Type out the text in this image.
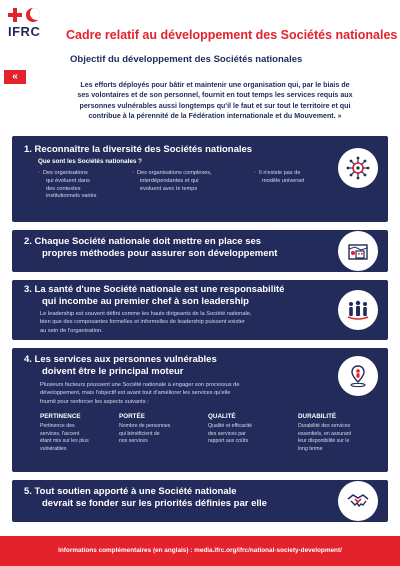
IFRC	Cadre relatif au développement des Sociétés nationales
Objectif du développement des Sociétés nationales
«
Les efforts déployés pour bâtir et maintenir une organisation qui, par le biais de
ses volontaires et de son personnel, fournit en tout temps les services requis aux
personnes vulnérables aussi longtemps qu'il le faut et sur tout le territoire et qui
contribue à la pérennité de la Fédération internationale et du Mouvement. »
1. Reconnaître la diversité des Sociétés nationales
Que sont les Sociétés nationales ?
• Des organisations
qui évoluent dans
des contextes
institutionnels variés
• Des organisations complexes,
interdépendantes et qui
évoluent avec le temps
• Il n'existe pas de
modèle universel
2. Chaque Société nationale doit mettre en place ses
propres méthodes pour assurer son développement
3. La santé d'une Société nationale est une responsabilité
qui incombe au premier chef à son leadership
Le leadership est souvent défini comme les hauts dirigeants de la Société nationale,
bien que des composantes formelles et informelles de leadership puissent exister
au sein de l'organisation.
4. Les services aux personnes vulnérables
doivent être le principal moteur
Plusieurs facteurs poussent une Société nationale à engager son processus de
développement, mais l'objectif est avant tout d'améliorer les services qu'elle
fournit pour renforcer les aspects suivants :
PERTINENCE
Pertinence des
services, l'accent
étant mis sur les plus
vulnérables
PORTÉE
Nombre de personnes
qui bénéficient de
nos services
QUALITÉ
Qualité et efficacité
des services par
rapport aux coûts
DURABILITÉ
Durabilité des services
essentiels, en assurant
leur disponibilité sur le
long terme
5. Tout soutien apporté à une Société nationale
devrait se fonder sur les priorités définies par elle
Informations complémentaires (en anglais) : media.ifrc.org/ifrc/national-society-development/
